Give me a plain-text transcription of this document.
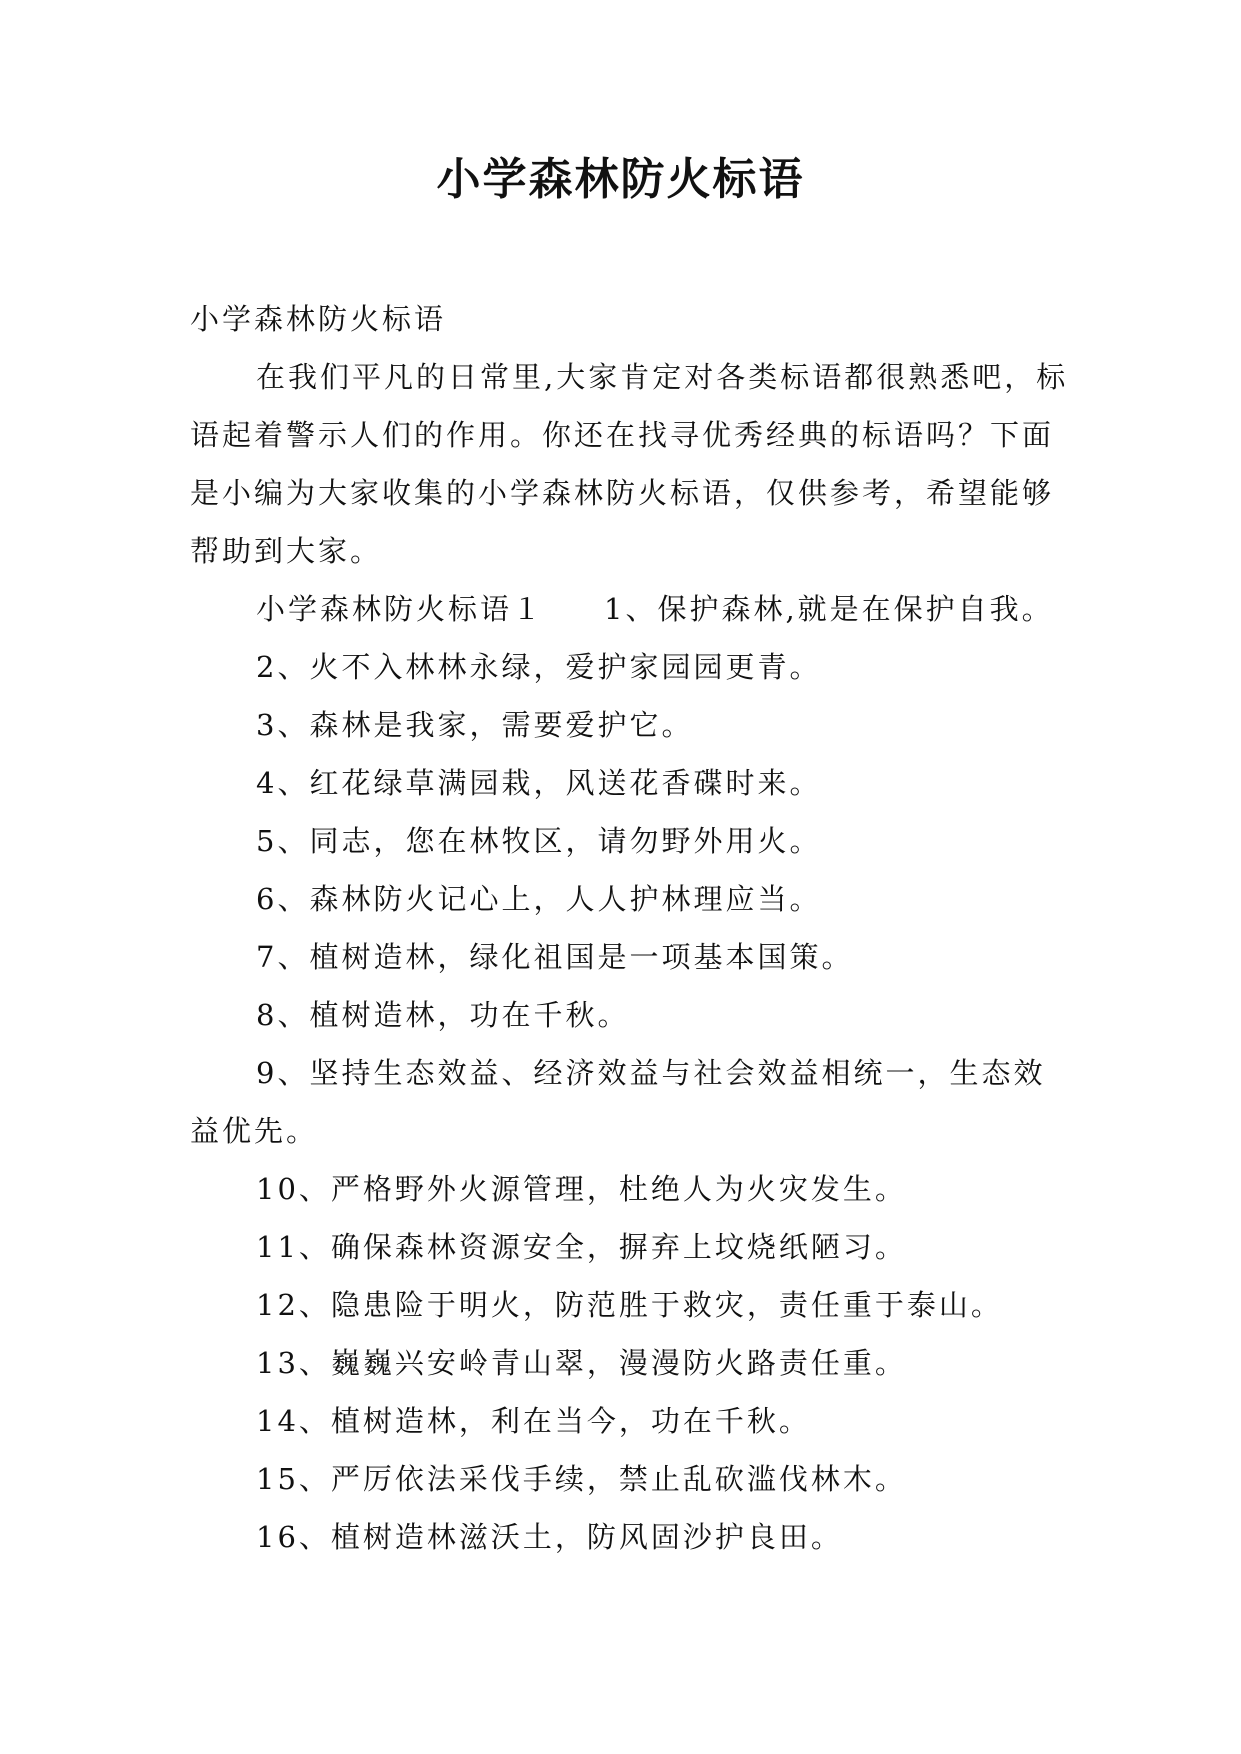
小学森林防火标语

小学森林防火标语

在我们平凡的日常里,大家肯定对各类标语都很熟悉吧，标语起着警示人们的作用。你还在找寻优秀经典的标语吗？下面是小编为大家收集的小学森林防火标语，仅供参考，希望能够帮助到大家。

小学森林防火标语１ 1、保护森林,就是在保护自我。

2、火不入林林永绿，爱护家园园更青。

3、森林是我家，需要爱护它。

4、红花绿草满园栽，风送花香碟时来。

5、同志，您在林牧区，请勿野外用火。

6、森林防火记心上，人人护林理应当。

7、植树造林，绿化祖国是一项基本国策。

8、植树造林，功在千秋。

9、坚持生态效益、经济效益与社会效益相统一，生态效益优先。

10、严格野外火源管理，杜绝人为火灾发生。

11、确保森林资源安全，摒弃上坟烧纸陋习。

12、隐患险于明火，防范胜于救灾，责任重于泰山。

13、巍巍兴安岭青山翠，漫漫防火路责任重。

14、植树造林，利在当今，功在千秋。

15、严厉依法采伐手续，禁止乱砍滥伐林木。

16、植树造林滋沃土，防风固沙护良田。
